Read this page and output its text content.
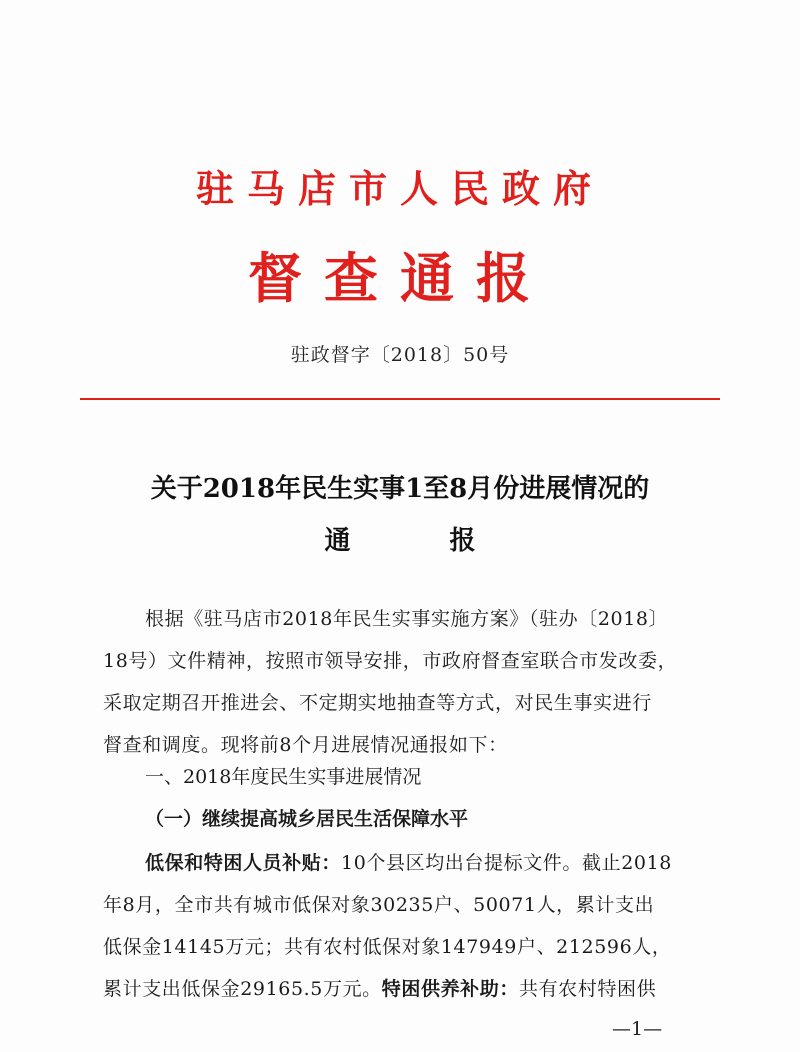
驻马店市人民政府
督查通报
驻政督字〔2018〕50号
关于2018年民生实事1至8月份进展情况的
通 报
根据《驻马店市2018年民生实事实施方案》（驻办〔2018〕
18号）文件精神，按照市领导安排，市政府督查室联合市发改委，
采取定期召开推进会、不定期实地抽查等方式，对民生事实进行
督查和调度。现将前8个月进展情况通报如下：
一、2018年度民生实事进展情况
（一）继续提高城乡居民生活保障水平
低保和特困人员补贴：10个县区均出台提标文件。截止2018
年8月，全市共有城市低保对象30235户、50071人，累计支出
低保金14145万元；共有农村低保对象147949户、212596人，
累计支出低保金29165.5万元。特困供养补助：共有农村特困供
—1—
